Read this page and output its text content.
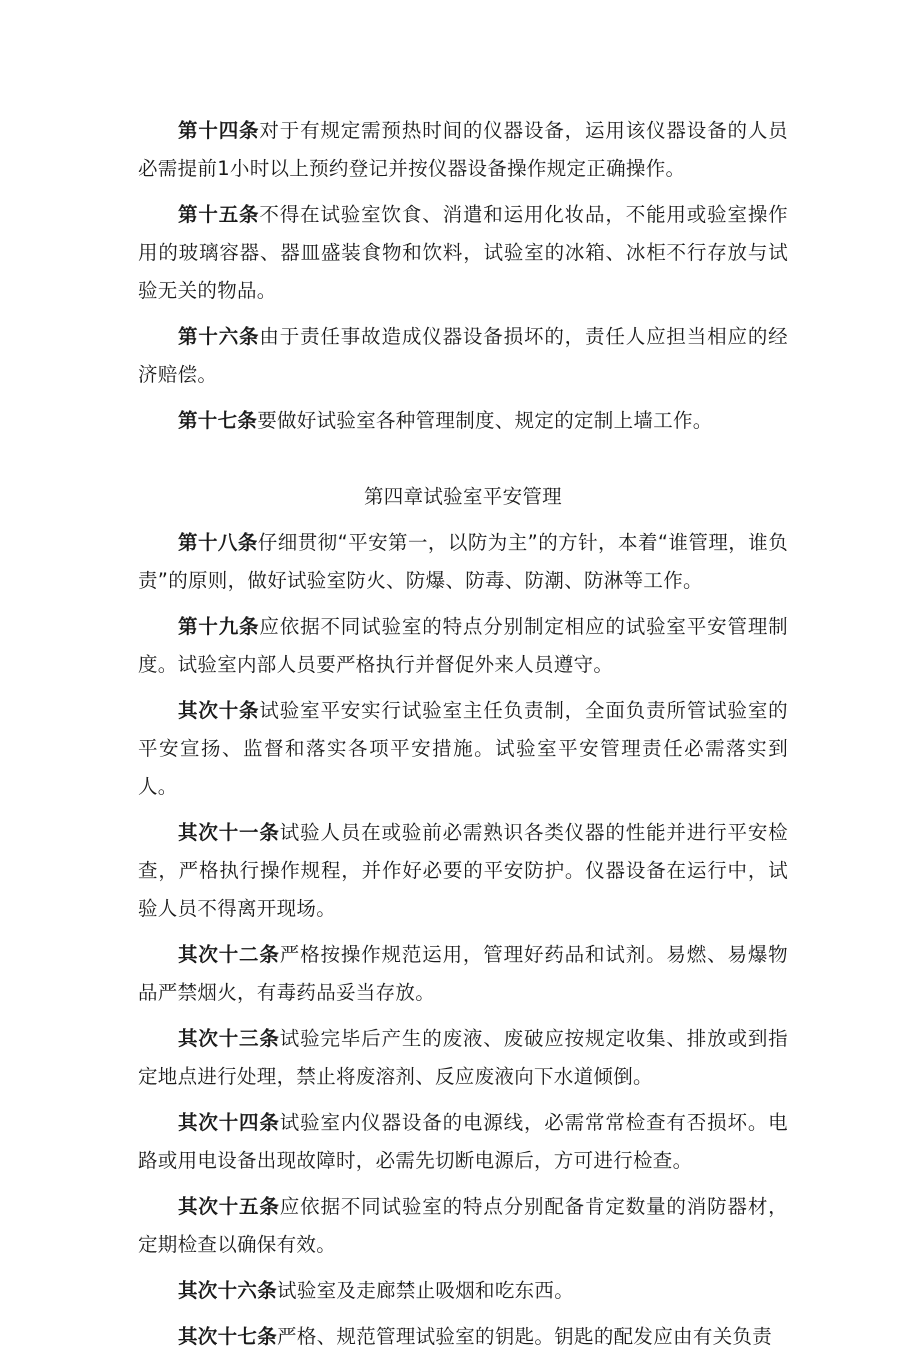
第十四条对于有规定需预热时间的仪器设备，运用该仪器设备的人员必需提前1小时以上预约登记并按仪器设备操作规定正确操作。

第十五条不得在试验室饮食、消遣和运用化妆品，不能用或验室操作用的玻璃容器、器皿盛装食物和饮料，试验室的冰箱、冰柜不行存放与试验无关的物品。

第十六条由于责任事故造成仪器设备损坏的，责任人应担当相应的经济赔偿。

第十七条要做好试验室各种管理制度、规定的定制上墙工作。

第四章试验室平安管理

第十八条仔细贯彻“平安第一，以防为主”的方针，本着“谁管理，谁负责”的原则，做好试验室防火、防爆、防毒、防潮、防淋等工作。

第十九条应依据不同试验室的特点分别制定相应的试验室平安管理制度。试验室内部人员要严格执行并督促外来人员遵守。

其次十条试验室平安实行试验室主任负责制，全面负责所管试验室的平安宣扬、监督和落实各项平安措施。试验室平安管理责任必需落实到人。

其次十一条试验人员在或验前必需熟识各类仪器的性能并进行平安检查，严格执行操作规程，并作好必要的平安防护。仪器设备在运行中，试验人员不得离开现场。

其次十二条严格按操作规范运用，管理好药品和试剂。易燃、易爆物品严禁烟火，有毒药品妥当存放。

其次十三条试验完毕后产生的废液、废破应按规定收集、排放或到指定地点进行处理，禁止将废溶剂、反应废液向下水道倾倒。

其次十四条试验室内仪器设备的电源线，必需常常检查有否损坏。电路或用电设备出现故障时，必需先切断电源后，方可进行检查。

其次十五条应依据不同试验室的特点分别配备肯定数量的消防器材，定期检查以确保有效。

其次十六条试验室及走廊禁止吸烟和吃东西。

其次十七条严格、规范管理试验室的钥匙。钥匙的配发应由有关负责
